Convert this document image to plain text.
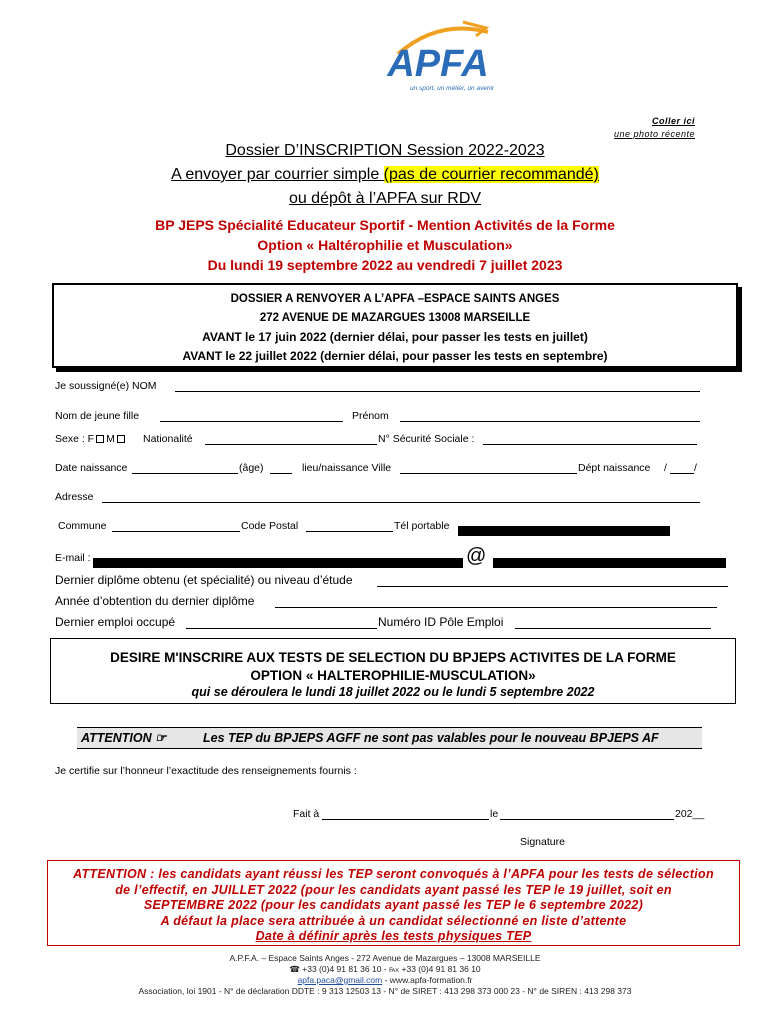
APFA
un sport, un métier, un avenir
Coller ici
une photo récente
Dossier D’INSCRIPTION Session 2022-2023
A envoyer par courrier simple (pas de courrier recommandé)
ou dépôt à l’APFA sur RDV
BP JEPS Spécialité Educateur Sportif - Mention Activités de la Forme
Option « Haltérophilie et Musculation»
Du lundi 19 septembre 2022 au vendredi 7 juillet 2023
DOSSIER A RENVOYER A L’APFA –ESPACE SAINTS ANGES
272 AVENUE DE MAZARGUES 13008 MARSEILLE
AVANT le 17 juin 2022 (dernier délai, pour passer les tests en juillet)
AVANT le 22 juillet 2022 (dernier délai, pour passer les tests en septembre)
Je soussigné(e) NOM
Nom de jeune fille	Prénom
Sexe : F M	Nationalité	N° Sécurité Sociale :
Date naissance	(âge)	lieu/naissance Ville	Dépt naissance /	/
Adresse
Commune	Code Postal	Tél portable
E-mail :	@
Dernier diplôme obtenu (et spécialité) ou niveau d’étude
Année d’obtention du dernier diplôme
Dernier emploi occupé	Numéro ID Pôle Emploi
DESIRE M'INSCRIRE AUX TESTS DE SELECTION DU BPJEPS ACTIVITES DE LA FORME
OPTION « HALTEROPHILIE-MUSCULATION»
qui se déroulera le lundi 18 juillet 2022 ou le lundi 5 septembre 2022
ATTENTION ☞	Les TEP du BPJEPS AGFF ne sont pas valables pour le nouveau BPJEPS AF
Je certifie sur l’honneur l’exactitude des renseignements fournis :
Fait à	le	202__
Signature
ATTENTION : les candidats ayant réussi les TEP seront convoqués à l’APFA pour les tests de sélection
de l’effectif, en JUILLET 2022 (pour les candidats ayant passé les TEP le 19 juillet, soit en
SEPTEMBRE 2022 (pour les candidats ayant passé les TEP le 6 septembre 2022)
A défaut la place sera attribuée à un candidat sélectionné en liste d’attente
Date à définir après les tests physiques TEP
A.P.F.A. – Espace Saints Anges - 272 Avenue de Mazargues – 13008 MARSEILLE
☎ +33 (0)4 91 81 36 10 - ℻ +33 (0)4 91 81 36 10
apfa.paca@gmail.com - www.apfa-formation.fr
Association, loi 1901 - N° de déclaration DDTE : 9 313 12503 13 - N° de SIRET : 413 298 373 000 23 - N° de SIREN : 413 298 373
